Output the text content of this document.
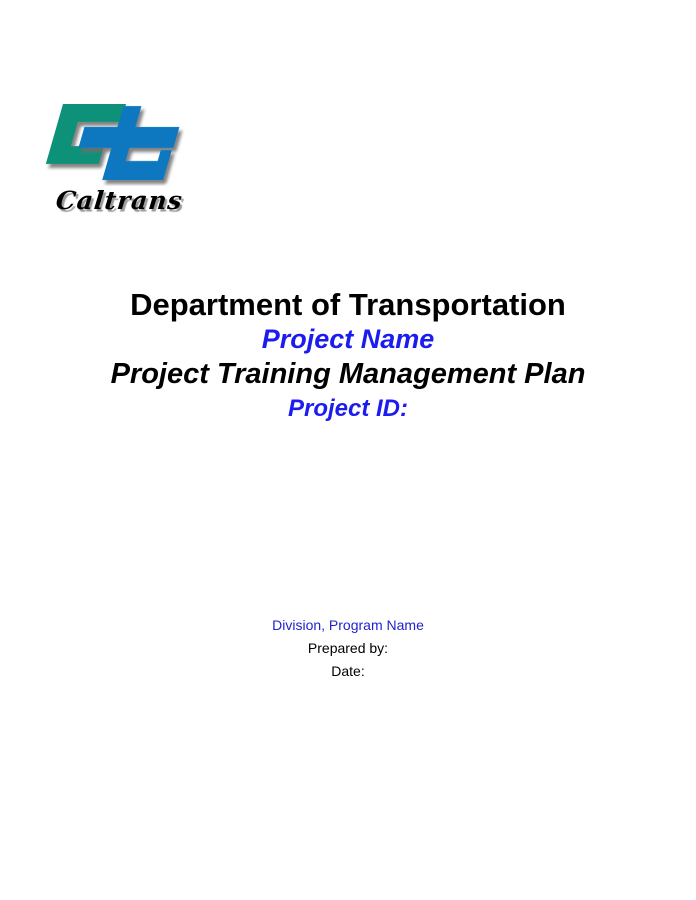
Caltrans
Department of Transportation
Project Name
Project Training Management Plan
Project ID:
Division, Program Name
Prepared by:
Date:
